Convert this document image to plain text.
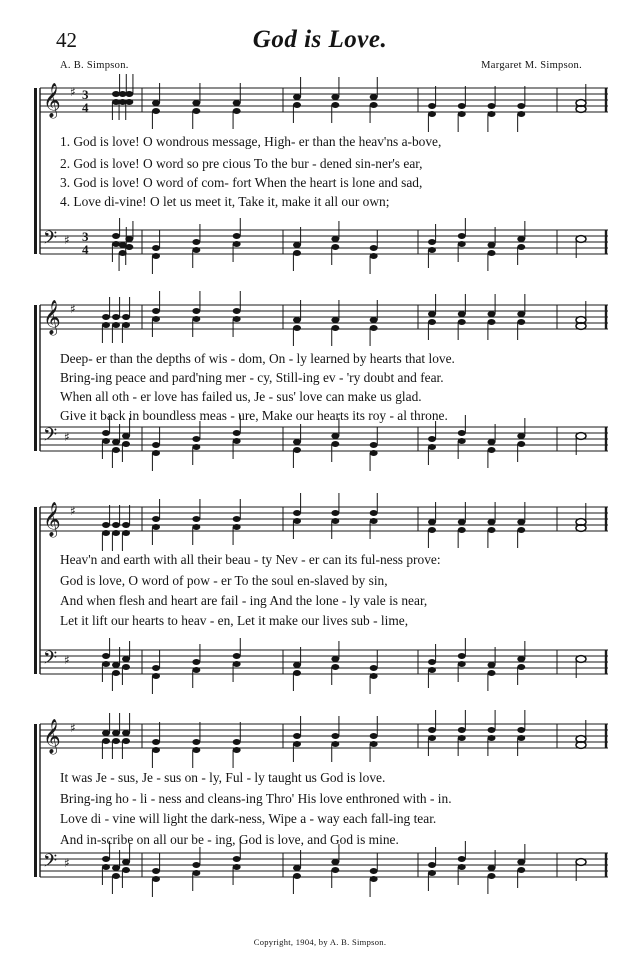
42	God is Love.
A. B. Simpson.	Margaret M. Simpson.
𝄞
𝄢
♯
♯
3
4
3
4
𝄞
𝄢
♯
♯
𝄞
𝄢
♯
♯
𝄞
𝄢
♯
♯
1. God is love! O wondrous message, High- er than the heav'ns a-bove,
2. God is love! O word so pre cious To the bur - dened sin-ner's ear,
3. God is love! O word of com- fort When the heart is lone and sad,
4. Love di-vine! O let us meet it, Take it, make it all our own;
Deep- er than the depths of wis - dom, On - ly learned by hearts that love.
Bring-ing peace and pard'ning mer - cy, Still-ing ev - 'ry doubt and fear.
When all oth - er love has failed us, Je - sus' love can make us glad.
Give it back in boundless meas - ure, Make our hearts its roy - al throne.
Heav'n and earth with all their beau - ty Nev - er can its ful-ness prove:
God is love, O word of pow - er To the soul en-slaved by sin,
And when flesh and heart are fail - ing And the lone - ly vale is near,
Let it lift our hearts to heav - en, Let it make our lives sub - lime,
It was Je - sus, Je - sus on - ly, Ful - ly taught us God is love.
Bring-ing ho - li - ness and cleans-ing Thro' His love enthroned with - in.
Love di - vine will light the dark-ness, Wipe a - way each fall-ing tear.
And in-scribe on all our be - ing, God is love, and God is mine.
Copyright, 1904, by A. B. Simpson.
